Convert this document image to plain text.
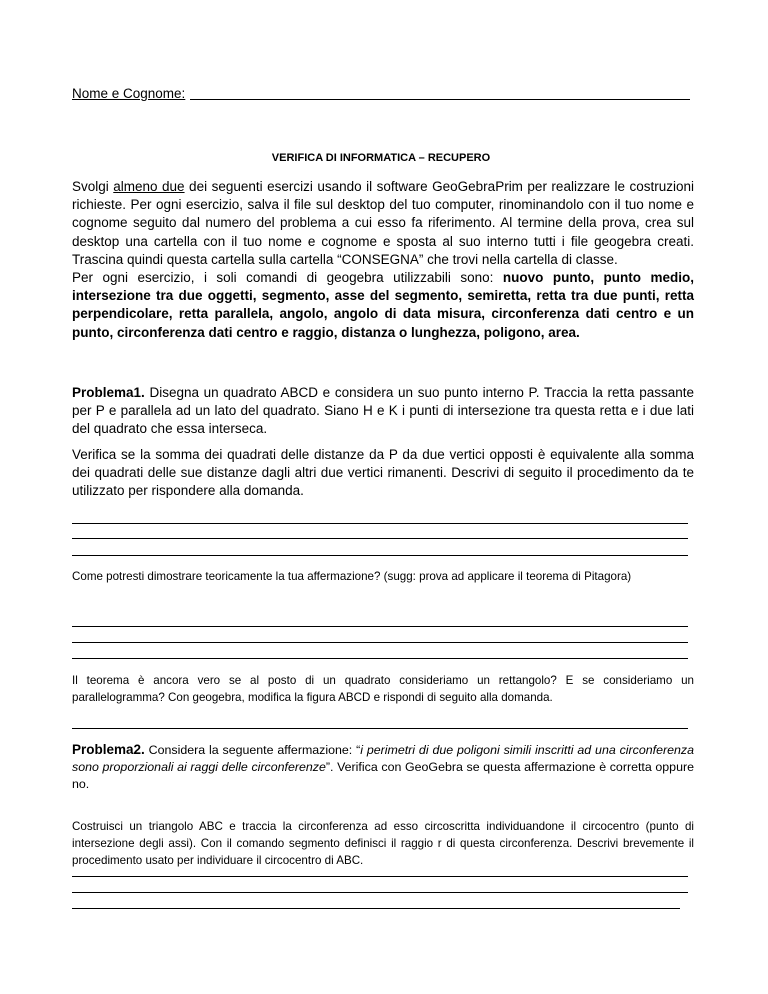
Nome e Cognome:
VERIFICA DI INFORMATICA – RECUPERO
Svolgi almeno due dei seguenti esercizi usando il software GeoGebraPrim per realizzare le costruzioni richieste. Per ogni esercizio, salva il file sul desktop del tuo computer, rinominandolo con il tuo nome e cognome seguito dal numero del problema a cui esso fa riferimento. Al termine della prova, crea sul desktop una cartella con il tuo nome e cognome e sposta al suo interno tutti i file geogebra creati. Trascina quindi questa cartella sulla cartella “CONSEGNA” che trovi nella cartella di classe.
Per ogni esercizio, i soli comandi di geogebra utilizzabili sono: nuovo punto, punto medio, intersezione tra due oggetti, segmento, asse del segmento, semiretta, retta tra due punti, retta perpendicolare, retta parallela, angolo, angolo di data misura, circonferenza dati centro e un punto, circonferenza dati centro e raggio, distanza o lunghezza, poligono, area.
Problema1. Disegna un quadrato ABCD e considera un suo punto interno P. Traccia la retta passante per P e parallela ad un lato del quadrato. Siano H e K i punti di intersezione tra questa retta e i due lati del quadrato che essa interseca.
Verifica se la somma dei quadrati delle distanze da P da due vertici opposti è equivalente alla somma dei quadrati delle sue distanze dagli altri due vertici rimanenti. Descrivi di seguito il procedimento da te utilizzato per rispondere alla domanda.
Come potresti dimostrare teoricamente la tua affermazione? (sugg: prova ad applicare il teorema di Pitagora)
Il teorema è ancora vero se al posto di un quadrato consideriamo un rettangolo? E se consideriamo un parallelogramma? Con geogebra, modifica la figura ABCD e rispondi di seguito alla domanda.
Problema2. Considera la seguente affermazione: “i perimetri di due poligoni simili inscritti ad una circonferenza sono proporzionali ai raggi delle circonferenze”. Verifica con GeoGebra se questa affermazione è corretta oppure no.
Costruisci un triangolo ABC e traccia la circonferenza ad esso circoscritta individuandone il circocentro (punto di intersezione degli assi). Con il comando segmento definisci il raggio r di questa circonferenza. Descrivi brevemente il procedimento usato per individuare il circocentro di ABC.
